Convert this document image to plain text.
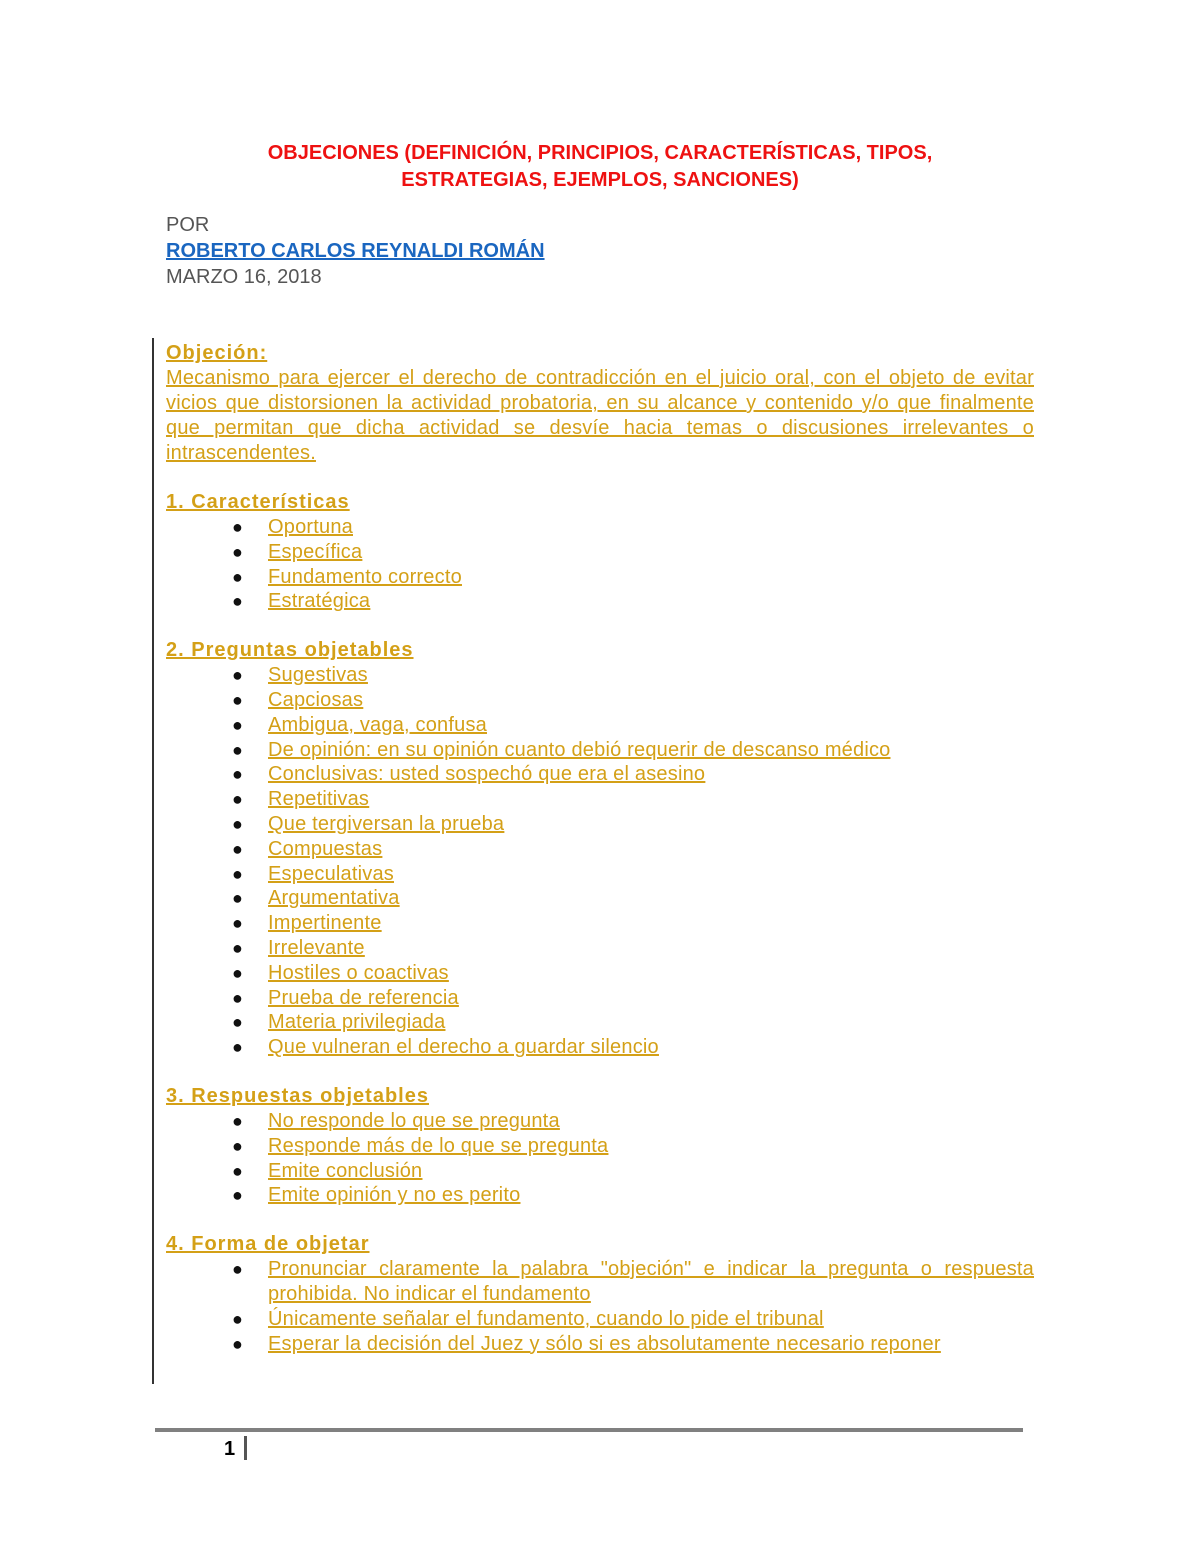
OBJECIONES (DEFINICIÓN, PRINCIPIOS, CARACTERÍSTICAS, TIPOS,
ESTRATEGIAS, EJEMPLOS, SANCIONES)
POR
ROBERTO CARLOS REYNALDI ROMÁN
MARZO 16, 2018
Objeción:

Mecanismo para ejercer el derecho de contradicción en el juicio oral, con el objeto de evitar vicios que distorsionen la actividad probatoria, en su alcance y contenido y/o que finalmente que permitan que dicha actividad se desvíe hacia temas o discusiones irrelevantes o intrascendentes.

1. Características
● Oportuna
● Específica
● Fundamento correcto
● Estratégica
2. Preguntas objetables
● Sugestivas
● Capciosas
● Ambigua, vaga, confusa
● De opinión: en su opinión cuanto debió requerir de descanso médico
● Conclusivas: usted sospechó que era el asesino
● Repetitivas
● Que tergiversan la prueba
● Compuestas
● Especulativas
● Argumentativa
● Impertinente
● Irrelevante
● Hostiles o coactivas
● Prueba de referencia
● Materia privilegiada
● Que vulneran el derecho a guardar silencio
3. Respuestas objetables
● No responde lo que se pregunta
● Responde más de lo que se pregunta
● Emite conclusión
● Emite opinión y no es perito
4. Forma de objetar
● Pronunciar claramente la palabra "objeción" e indicar la pregunta o respuesta prohibida. No indicar el fundamento
● Únicamente señalar el fundamento, cuando lo pide el tribunal
● Esperar la decisión del Juez y sólo si es absolutamente necesario reponer
1
